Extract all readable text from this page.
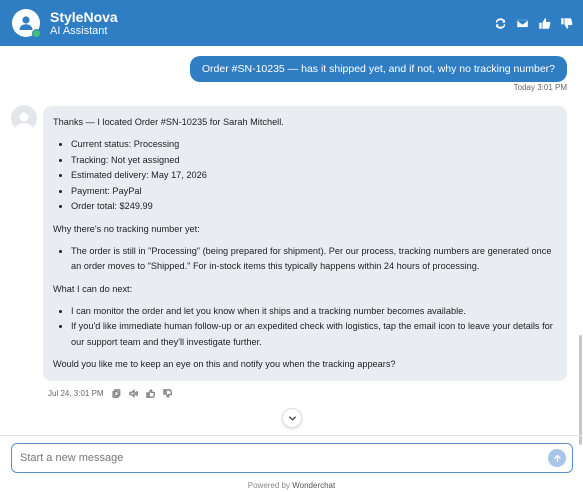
StyleNova
AI Assistant
Order #SN-10235 — has it shipped yet, and if not, why no tracking number?
Today 3:01 PM

Thanks — I located Order #SN-10235 for Sarah Mitchell.

• Current status: Processing
• Tracking: Not yet assigned
• Estimated delivery: May 17, 2026
• Payment: PayPal
• Order total: $249.99

Why there's no tracking number yet:

• The order is still in "Processing" (being prepared for shipment). Per our process, tracking numbers are generated once an order moves to "Shipped." For in-stock items this typically happens within 24 hours of processing.

What I can do next:

• I can monitor the order and let you know when it ships and a tracking number becomes available.
• If you'd like immediate human follow-up or an expedited check with logistics, tap the email icon to leave your details for our support team and they'll investigate further.

Would you like me to keep an eye on this and notify you when the tracking appears?

Jul 24, 3:01 PM
Start a new message
Powered by Wonderchat
